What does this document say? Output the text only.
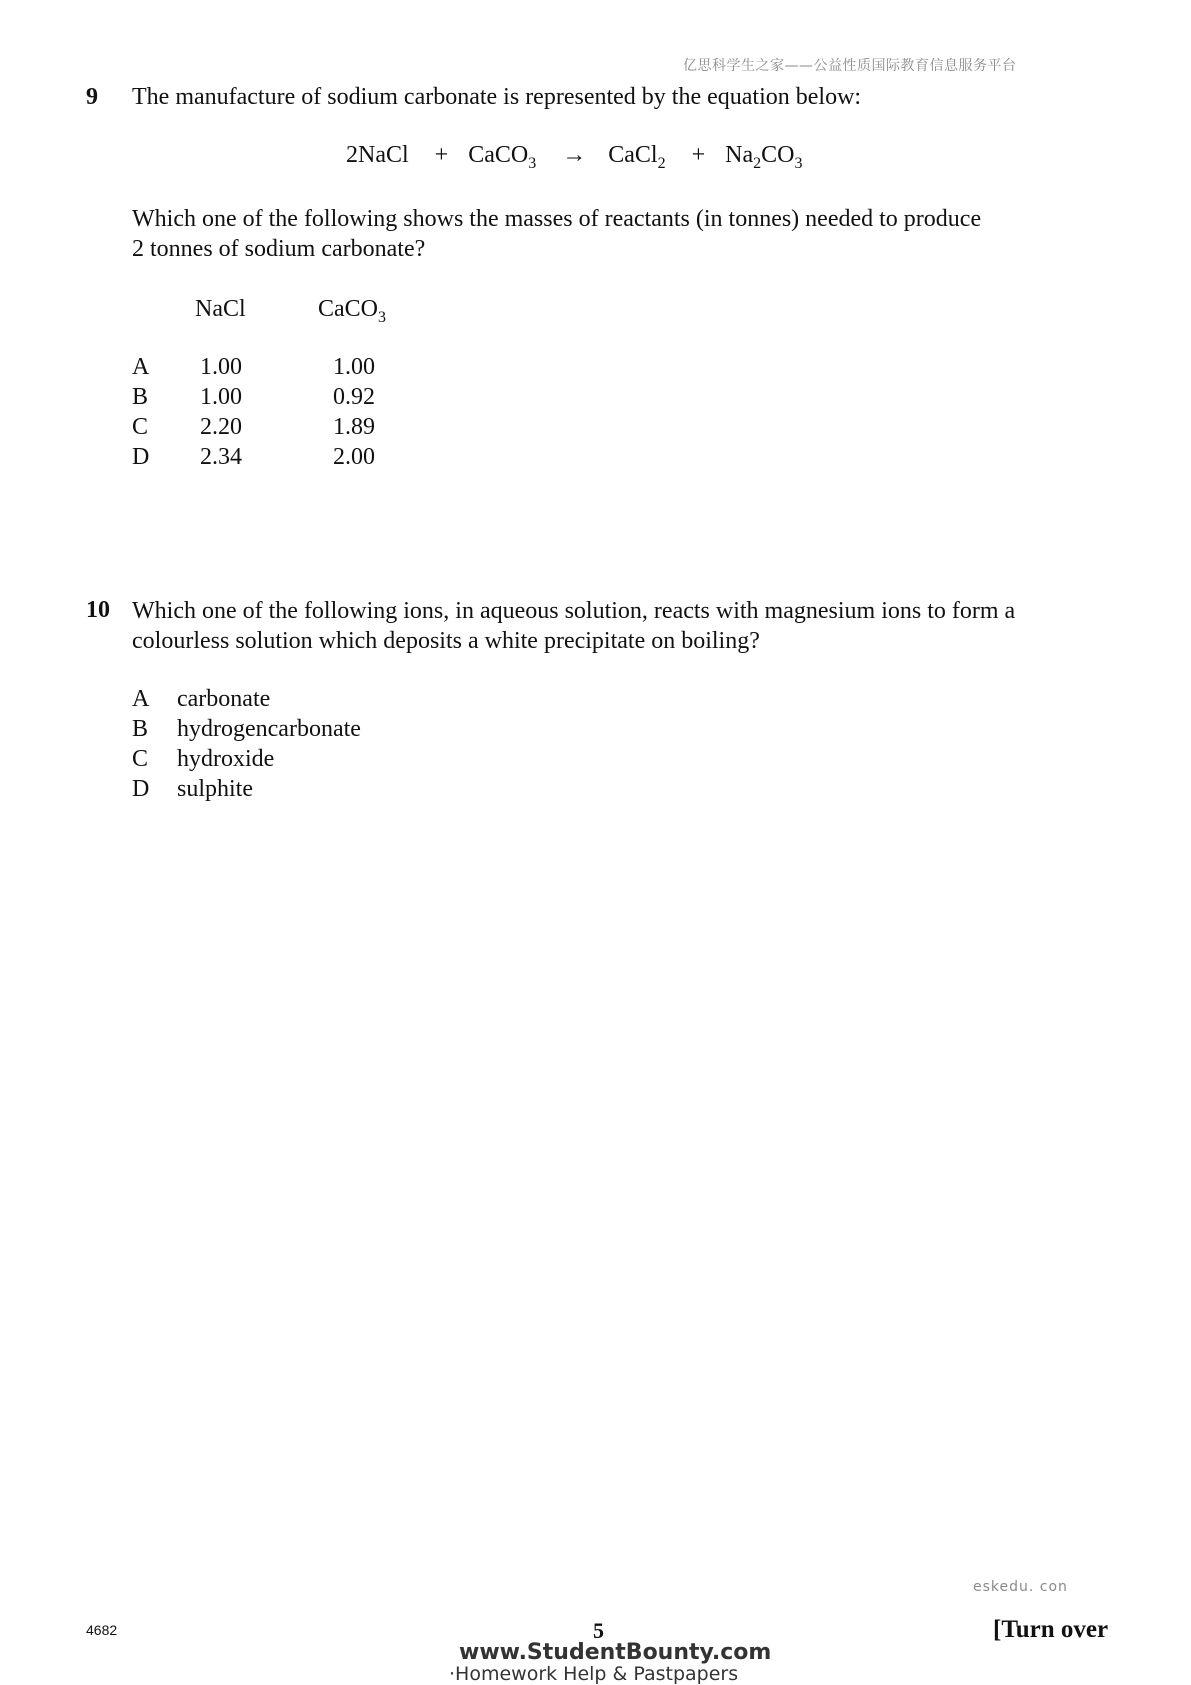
亿思科学生之家——公益性质国际教育信息服务平台
9 The manufacture of sodium carbonate is represented by the equation below:
2NaCl + CaCO$_3$ → CaCl$_2$ + $Na_2CO_3$
Which one of the following shows the masses of reactants (in tonnes) needed to produce
2 tonnes of sodium carbonate?
NaCl	CaCO$_3$
A 1.00	1.00
B 1.00	0.92
C 2.20	1.89
D 2.34	2.00
10 Which one of the following ions, in aqueous solution, reacts with magnesium ions to form a
colourless solution which deposits a white precipitate on boiling?
A carbonate
B hydrogencarbonate
C hydroxide
D sulphite
eskedu. con
4682	5	[Turn over
www.StudentBounty.com
·Homework Help & Pastpapers
